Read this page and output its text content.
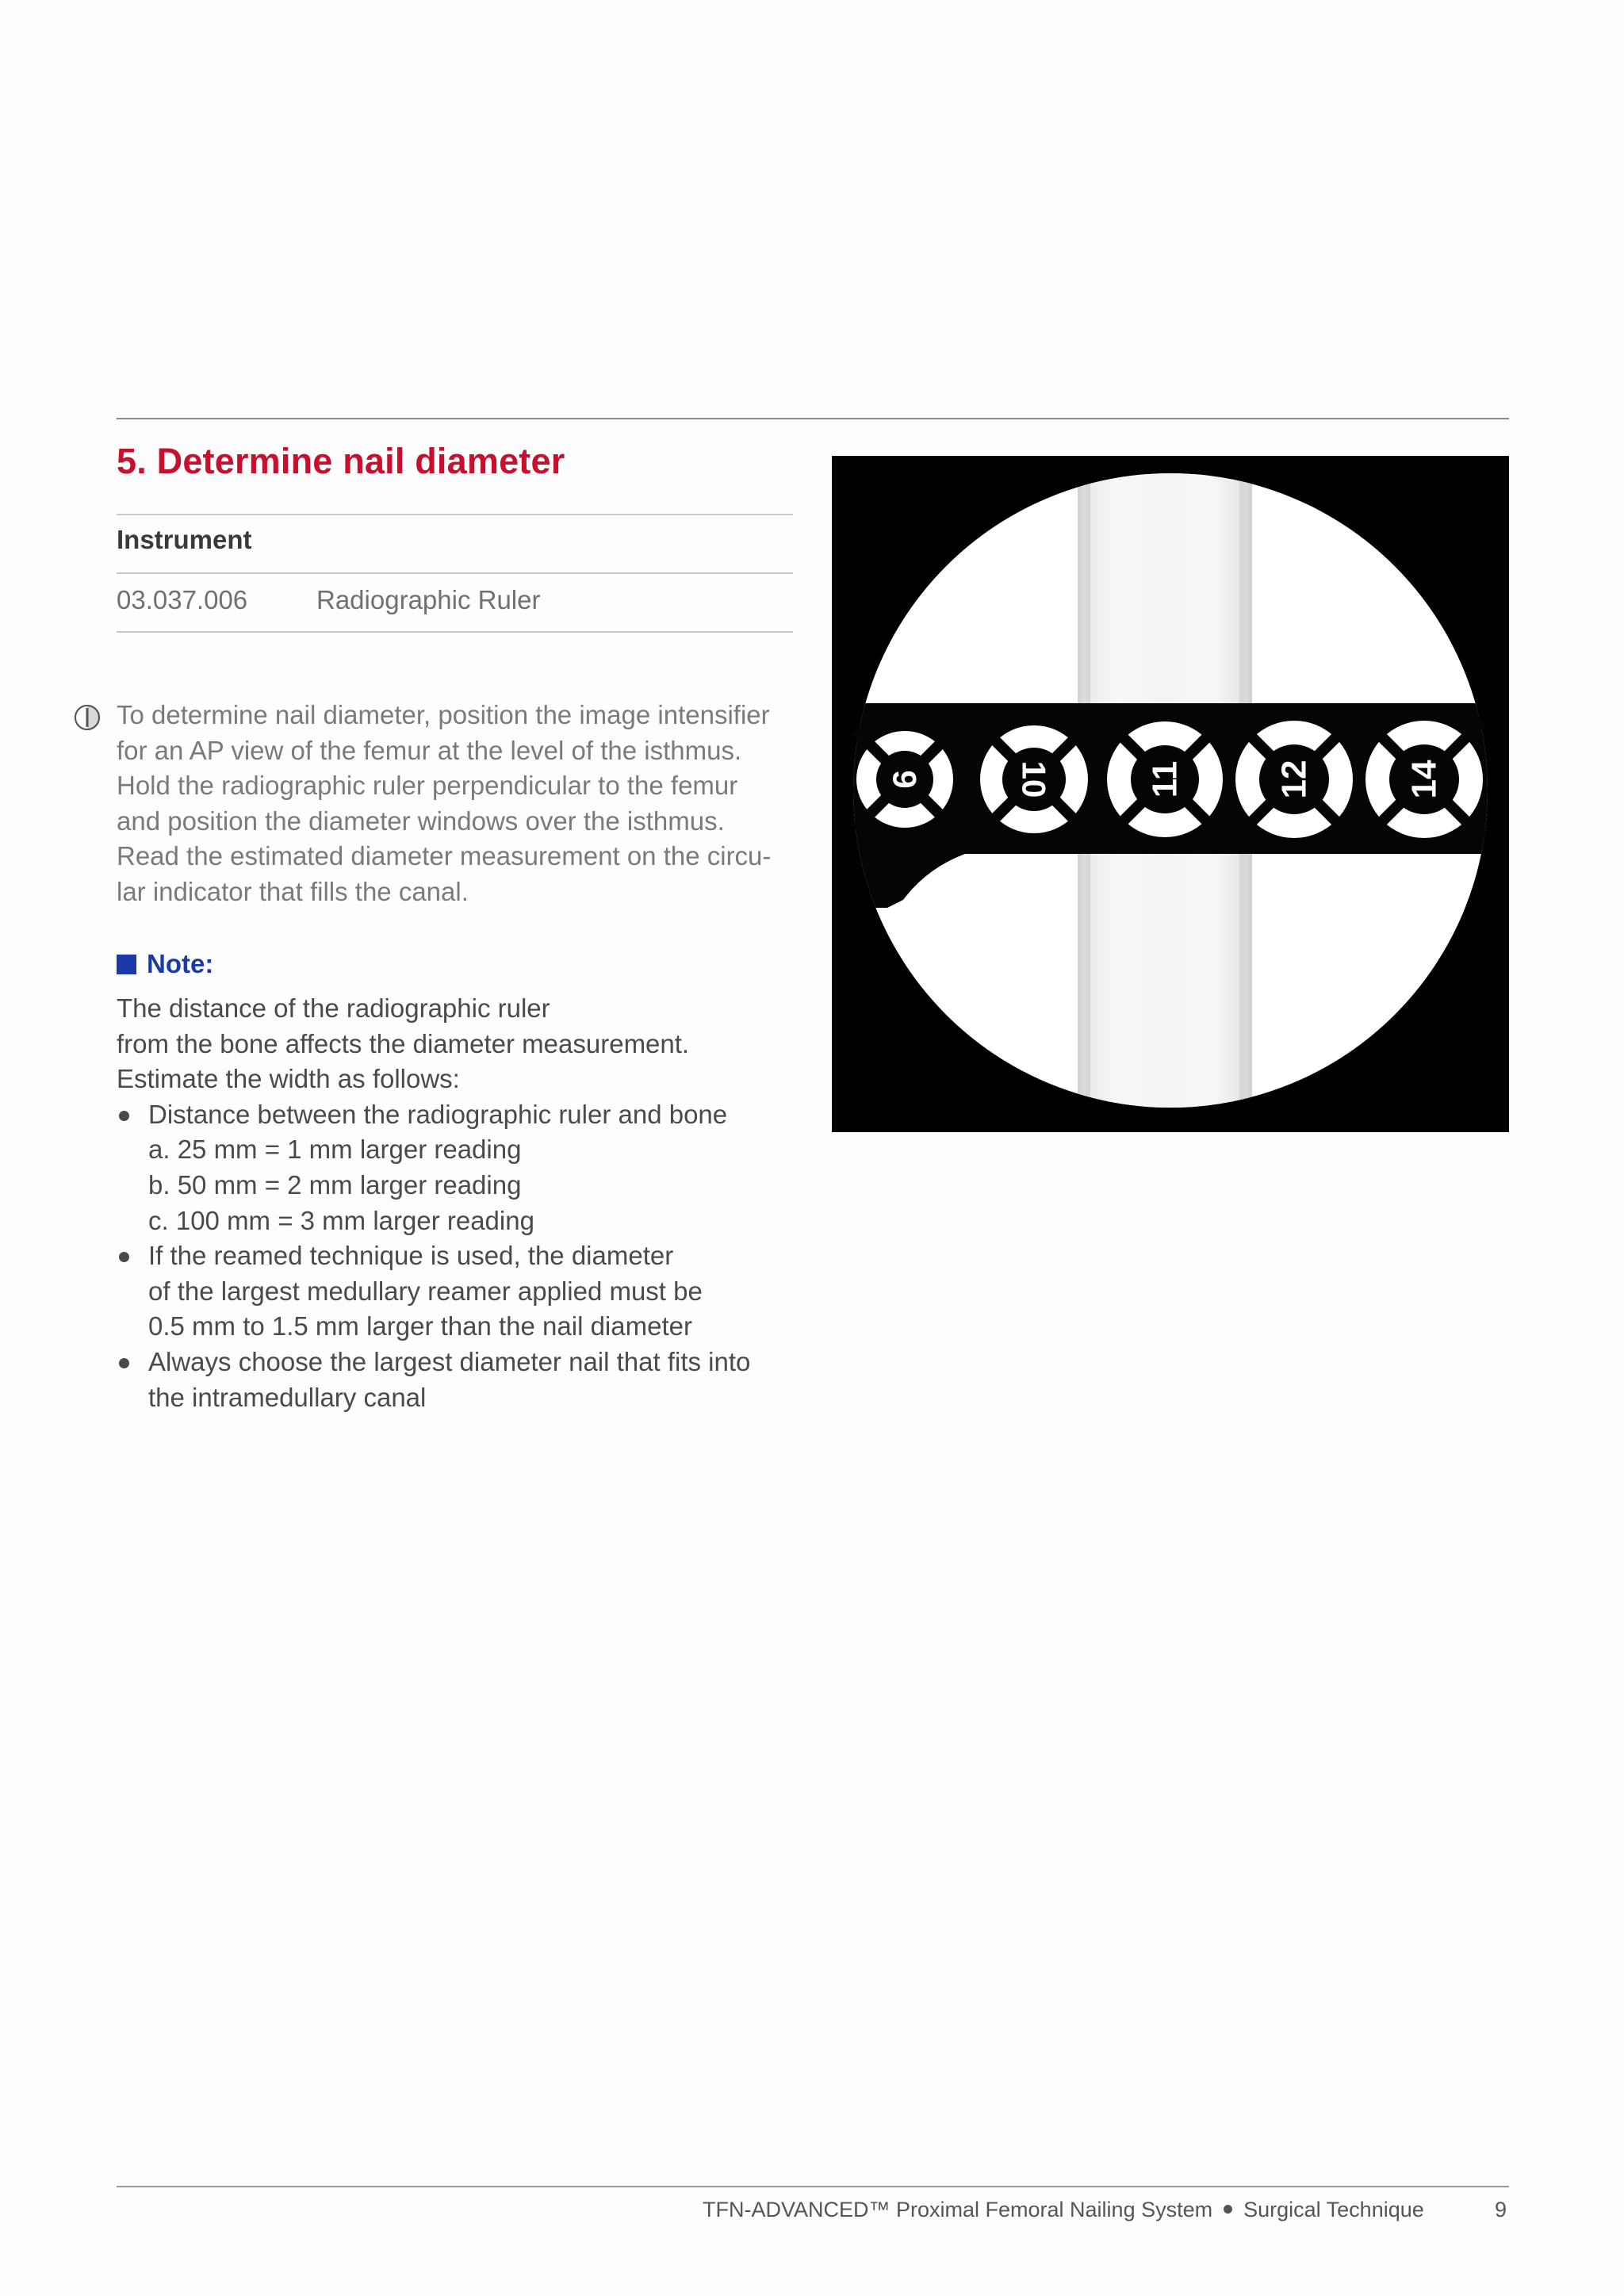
5. Determine nail diameter
Instrument
03.037.006	Radiographic Ruler
To determine nail diameter, position the image intensifier
for an AP view of the femur at the level of the isthmus.
Hold the radiographic ruler perpendicular to the femur
and position the diameter windows over the isthmus.
Read the estimated diameter measurement on the circu-
lar indicator that fills the canal.
Note:
The distance of the radiographic ruler
from the bone affects the diameter measurement.
Estimate the width as follows:
Distance between the radiographic ruler and bone
a. 25 mm = 1 mm larger reading
b. 50 mm = 2 mm larger reading
c. 100 mm = 3 mm larger reading
If the reamed technique is used, the diameter
of the largest medullary reamer applied must be
0.5 mm to 1.5 mm larger than the nail diameter
Always choose the largest diameter nail that fits into
the intramedullary canal
9	10	11	12	14
TFN-ADVANCED™ Proximal Femoral Nailing System Surgical Technique	9
